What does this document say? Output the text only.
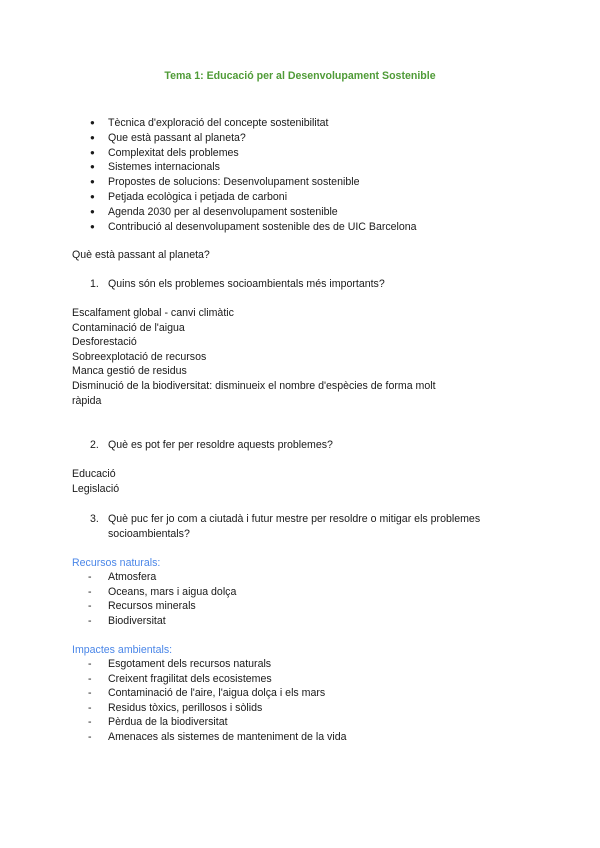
Tema 1: Educació per al Desenvolupament Sostenible
● Tècnica d'exploració del concepte sostenibilitat
● Que està passant al planeta?
● Complexitat dels problemes
● Sistemes internacionals
● Propostes de solucions: Desenvolupament sostenible
● Petjada ecològica i petjada de carboni
● Agenda 2030 per al desenvolupament sostenible
● Contribució al desenvolupament sostenible des de UIC Barcelona
Què està passant al planeta?
1. Quins són els problemes socioambientals més importants?
Escalfament global - canvi climàtic
Contaminació de l'aigua
Desforestació
Sobreexplotació de recursos
Manca gestió de residus
Disminució de la biodiversitat: disminueix el nombre d'espècies de forma molt
ràpida
2. Què es pot fer per resoldre aquests problemes?
Educació
Legislació
3. Què puc fer jo com a ciutadà i futur mestre per resoldre o mitigar els problemes
socioambientals?
Recursos naturals:
- Atmosfera
- Oceans, mars i aigua dolça
- Recursos minerals
- Biodiversitat
Impactes ambientals:
- Esgotament dels recursos naturals
- Creixent fragilitat dels ecosistemes
- Contaminació de l'aire, l'aigua dolça i els mars
- Residus tòxics, perillosos i sòlids
- Pèrdua de la biodiversitat
- Amenaces als sistemes de manteniment de la vida
